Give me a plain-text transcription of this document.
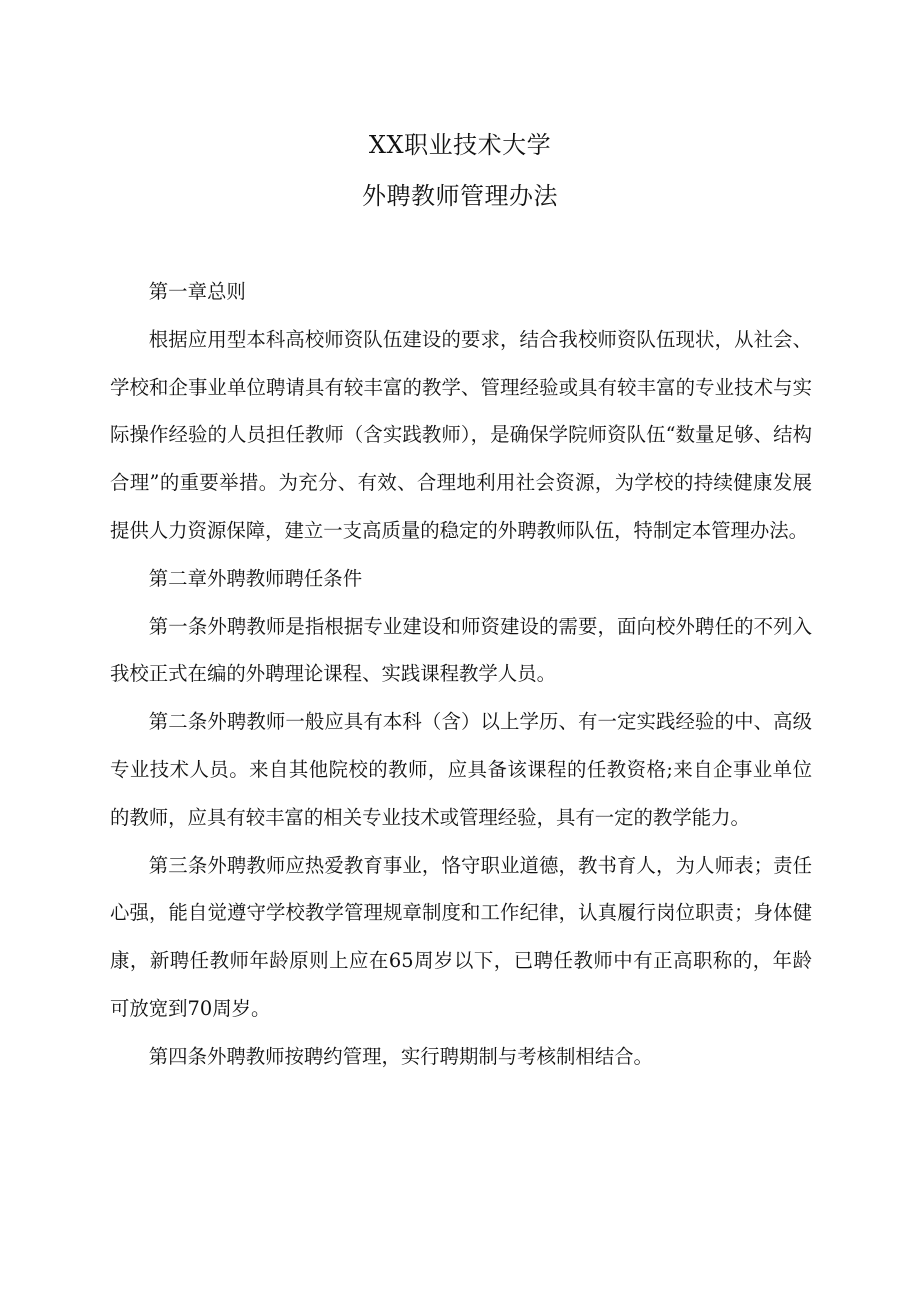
XX职业技术大学
外聘教师管理办法

第一章总则

根据应用型本科高校师资队伍建设的要求，结合我校师资队伍现状，从社会、学校和企事业单位聘请具有较丰富的教学、管理经验或具有较丰富的专业技术与实际操作经验的人员担任教师（含实践教师），是确保学院师资队伍“数量足够、结构合理”的重要举措。为充分、有效、合理地利用社会资源，为学校的持续健康发展提供人力资源保障，建立一支高质量的稳定的外聘教师队伍，特制定本管理办法。

第二章外聘教师聘任条件

第一条外聘教师是指根据专业建设和师资建设的需要，面向校外聘任的不列入我校正式在编的外聘理论课程、实践课程教学人员。

第二条外聘教师一般应具有本科（含）以上学历、有一定实践经验的中、高级专业技术人员。来自其他院校的教师，应具备该课程的任教资格;来自企事业单位的教师，应具有较丰富的相关专业技术或管理经验，具有一定的教学能力。

第三条外聘教师应热爱教育事业，恪守职业道德，教书育人，为人师表；责任心强，能自觉遵守学校教学管理规章制度和工作纪律，认真履行岗位职责；身体健康，新聘任教师年龄原则上应在65周岁以下，已聘任教师中有正高职称的，年龄可放宽到70周岁。

第四条外聘教师按聘约管理，实行聘期制与考核制相结合。
